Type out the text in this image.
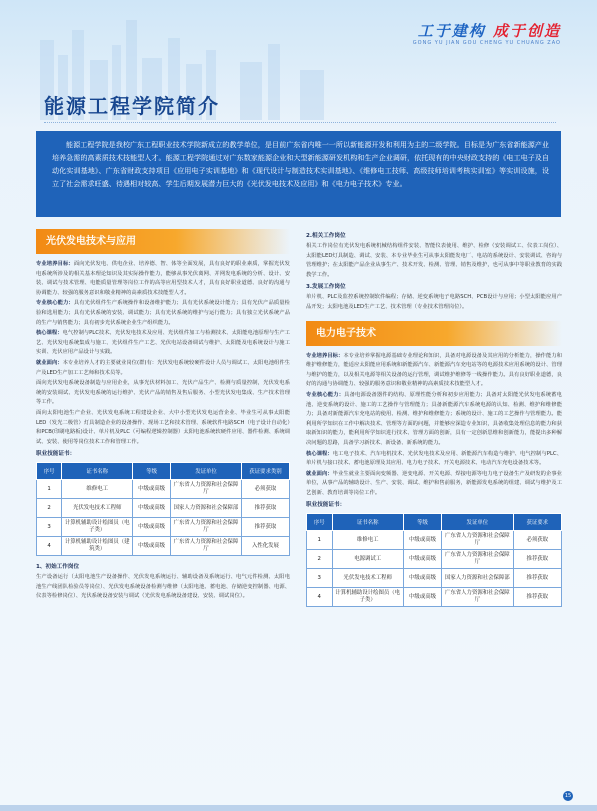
工于建构 成于创造
GONG YU JIAN GOU CHENG YU CHUANG ZAO
能源工程学院简介
能源工程学院是我校广东工程职业技术学院新成立的教学单位，是目前广东省内唯一一所以新能源开发和利用为主的二级学院。目标是为广东省新能源产业培养急需的高素质技术技能型人才。能源工程学院通过对广东数家能源企业和大型新能源研发机构和生产企业调研，依托现有的中央财政支持的《电工电子及自动化实训基地》、广东省财政支持项目《应用电子实训基地》和《现代设计与制造技术实训基地》、《维修电工技师、高级技师培训考核实训室》等实训设施，设立了社会需求旺盛、待遇相对较高、学生后期发展潜力巨大的《光伏发电技术及应用》和《电力电子技术》专业。
光伏发电技术与应用
专业培养目标：面向光伏发电、供电企业、培养德、智、体等全面发展，具有良好的职业素质，掌握光伏发电系统所涉及的相关基本理论知识及其实际操作能力，能够从事光伏离网、并网发电系统的分析、设计、安装、调试与技术管理、电能质量管理等岗位工作的高等应用型技术人才，具有良好职业道德、良好的沟通与协调能力、较强的服务意识和敬业精神的高素质技术技能型人才。
专业核心能力：具有光伏组件生产系统操作和设备维护能力；具有光伏系统设计能力；具有光伏产品质量检验和选用能力；具有光伏系统的安装、调试能力；具有光伏系统的维护与运行能力；具有独立光伏系统产品的生产与销售能力；具有初步光伏系统企业生产组织能力。
核心课程：电气控制与PLC技术、光伏发电技术及应用、光伏组件加工与检测技术、太阳能电池原理与生产工艺、光伏发电系统集成与施工、光伏组件生产工艺、光伏电站设备调试与维护、太阳能及电系统设计与施工实训、光伏应用产品设计与实践。
就业面向：本专业培养人才的主要就业岗位(群)有：光伏发电系统较硬件设计人员与调试工、太阳电池组件生产及LED生产加工工艺师和技术员等。
面向光伏发电系统设备制造与应用企业，从事光伏材料加工、光伏产品生产、检测与质量控制，光伏发电系统的安装调试、光伏发电系统的运行维护、光伏产品的销售及售后服务、小型光伏发电集成、生产技术管理等工作。
面向太阳电池生产企业、光伏发电系统工程建设企业、大中小型光伏发电运营企业、毕业生可从事太阳能LED（发光二极管）灯具制造企业的设备操作、现场工艺和技术管理、系统软件电路SCH（电子设计自动化）和PCB(印刷电路板)设计、单片机及PLC（可编程逻辑控制器）太阳电池系统软硬件应用、器件检测、系统调试、安装、使用等岗位技术工作和管理工作。
职业技能证书：
序号	证书名称	等级	发证单位	获证要求类别
1	维修电工	中级或高级	广东省人力资源和社会保障厅	必须获取
2	光伏发电技术工程师	中级或高级	国家人力资源和社会保障部	推荐获取
3	计算机辅助设计绘图员（电子类）	中级或高级	广东省人力资源和社会保障厅	推荐获取
4	计算机辅助设计绘图员（建筑类）	中级或高级	广东省人力资源和社会保障厅	入性化发展
1、初始工作岗位
生产设备运行（太阳电池生产设备操作、光伏发电系统运行、辅助设备及系统运行、电气元件检测、太阳电池生产线团队检验员等岗位）、光伏发电系统设备检测与维修（太阳电池、蓄电池、存储逆变控制器、电源、仪表等检修岗位）、光伏系统设备安装与调试（光伏发电系统设备建设、安装、调试岗位）。
2.相关工作岗位
相关工作岗位有光伏发电系统机械结构组件安装、智能仪表使用、维护、检修（安装调试工、仪表工岗位）、太阳能LED灯具制造、调试、安装、本专业毕业生可从事太阳能发电厂、电站的系统设计、安装调试、咨询与管理维护；在太阳能产品企业从事生产、技术开发、检测、管理、销售及维护，也可从事中等职业教育的实践教学工作。
3.发展工作岗位
单片机、PLC及监控系统控制软件编程；存储、逆变系统电子电路SCH、PCB设计与应用；小型太阳能应用产品开发；太阳电池及LED生产工艺、技术管理（专业技术管理岗位）。
电力电子技术
专业培养目标：本专业培养掌握电源基础专业理论和知识，具备对电源设备及其应用的分析能力，操作能力和维护维修能力，能适应太阳能应用系统和新能源汽车、新能源汽车充电站等的电源技术应用系统的设计、管理与维护的能力，以及相关电源等相关设备的运行管理，调试维护维修等一线操作能力。具有良好职业道德，良好的沟通与协调能力、较强的服务意识和敬业精神的高素质技术技能型人才。
专业核心能力：具备电源设备器件的结构、原理性能分析和初步应用能力；具备对太阳能光伏发电系统蓄电池、逆变系统的设计、施工的工艺操作与管理能力；具备新能源汽车系统电源的认知、检测、维护和维修能力；具备对新能源汽车充电站的使用、检测、维护和维修能力；系统的设计、施工的工艺操作与管理能力。能利用所学知识在工作中解决技术、管理等方面的问题，并能够应深造专业知识，具备收集处理信息的能力和获取新知识的能力，能利用所学知识进行技术、管理方面的创新，具有一定创新思维和创新能力，能提出多种解决问题的思路，具备学习新技术、新设备、新系统的能力。
核心课程：电工电子技术、汽车电机技术、光伏发电技术及应用、新能源汽车构造与维护、电气控制与PLC、单片机与接口技术、蓄电池原理及其应用、电力电子技术、开关电源技术、电动汽车充电设备技术等。
就业面向：毕业生就业主要面向变频器、逆变电源、开关电源、焊接电源等电力电子设备生产及研发的企事业单位，从事产品的辅助设计、生产、安装、调试、维护和售前服务，新能源发电系统的组建、调试与维护及工艺创新、教育培训等岗位工作。
职业技能证书：
序号	证书名称	等级	发证单位	获证要求
1	维修电工	中级或高级	广东省人力资源和社会保障厅	必须获取
2	电源调试工	中级或高级	广东省人力资源和社会保障厅	推荐获取
3	光伏发电技术工程师	中级或高级	国家人力资源和社会保障部	推荐获取
4	计算机辅助设计绘图员（电子类）	中级或高级	广东省人力资源和社会保障厅	推荐获取
15
